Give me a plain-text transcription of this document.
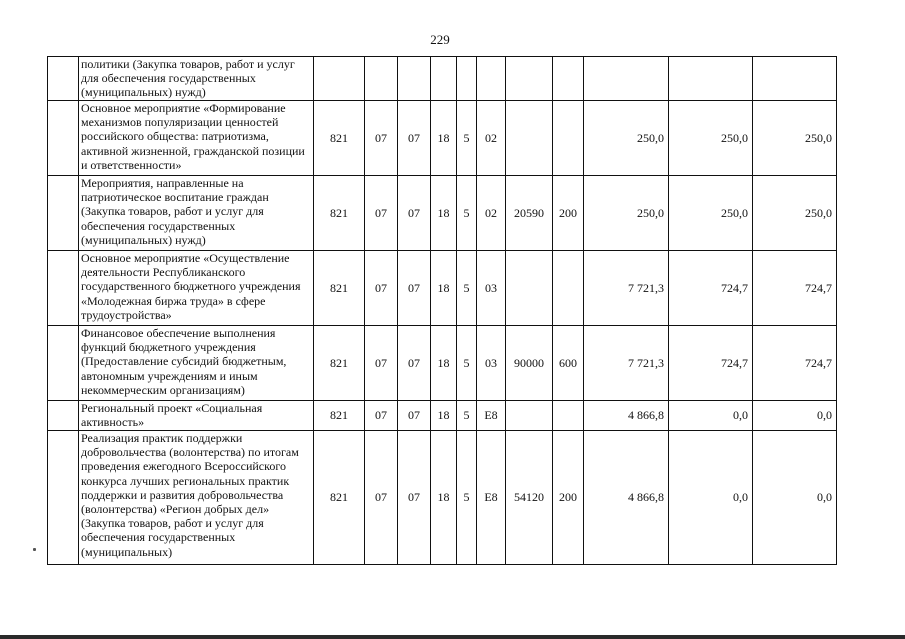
229
	политики (Закупка товаров, работ и услуг для обеспечения государственных (муниципальных) нужд)											
	Основное мероприятие «Формирование механизмов популяризации ценностей российского общества: патриотизма, активной жизненной, гражданской позиции и ответственности»	821	07	07	18	5	02			250,0	250,0	250,0
	Мероприятия, направленные на патриотическое воспитание граждан (Закупка товаров, работ и услуг для обеспечения государственных (муниципальных) нужд)	821	07	07	18	5	02	20590	200	250,0	250,0	250,0
	Основное мероприятие «Осуществление деятельности Республиканского государственного бюджетного учреждения «Молодежная биржа труда» в сфере трудоустройства»	821	07	07	18	5	03			7 721,3	724,7	724,7
	Финансовое обеспечение выполнения функций бюджетного учреждения (Предоставление субсидий бюджетным, автономным учреждениям и иным некоммерческим организациям)	821	07	07	18	5	03	90000	600	7 721,3	724,7	724,7
	Региональный проект «Социальная активность»	821	07	07	18	5	Е8			4 866,8	0,0	0,0
	Реализация практик поддержки добровольчества (волонтерства) по итогам проведения ежегодного Всероссийского конкурса лучших региональных практик поддержки и развития добровольчества (волонтерства) «Регион добрых дел» (Закупка товаров, работ и услуг для обеспечения государственных (муниципальных)	821	07	07	18	5	Е8	54120	200	4 866,8	0,0	0,0
